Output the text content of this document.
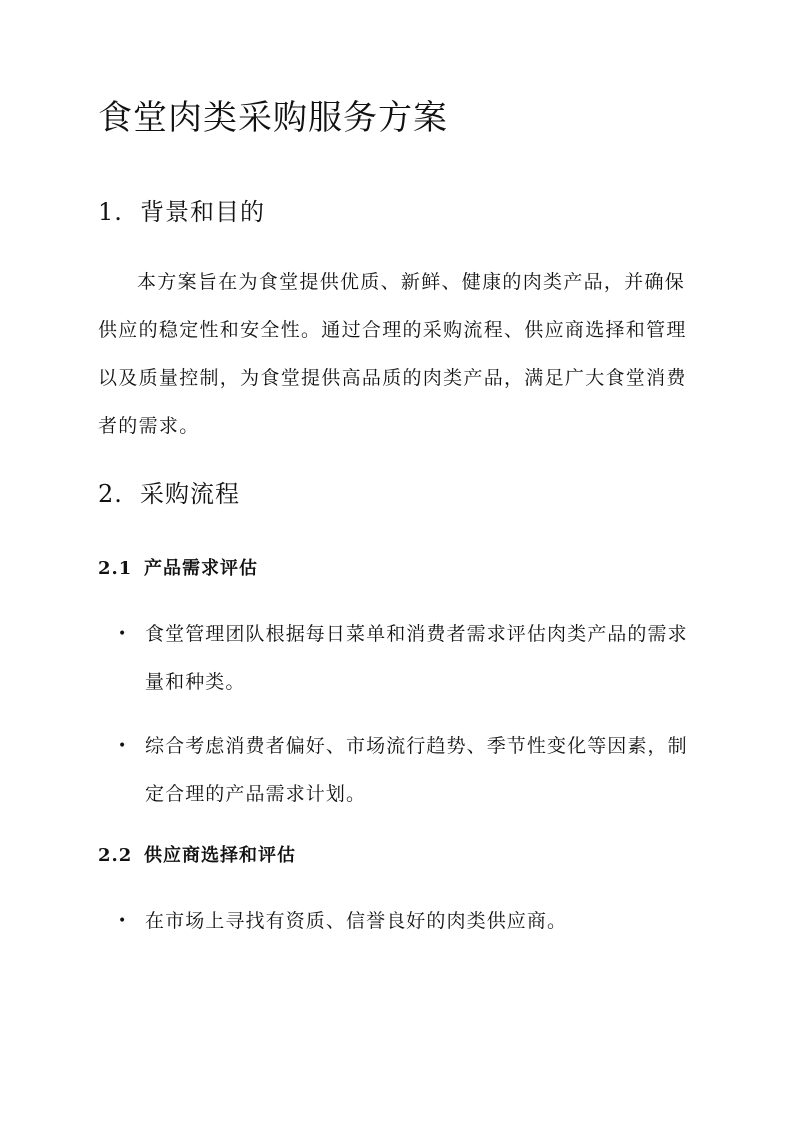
食堂肉类采购服务方案
1. 背景和目的

本方案旨在为食堂提供优质、新鲜、健康的肉类产品，并确保供应的稳定性和安全性。通过合理的采购流程、供应商选择和管理以及质量控制，为食堂提供高品质的肉类产品，满足广大食堂消费者的需求。

2. 采购流程
2.1 产品需求评估
• 食堂管理团队根据每日菜单和消费者需求评估肉类产品的需求量和种类。
• 综合考虑消费者偏好、市场流行趋势、季节性变化等因素，制定合理的产品需求计划。
2.2 供应商选择和评估
• 在市场上寻找有资质、信誉良好的肉类供应商。
